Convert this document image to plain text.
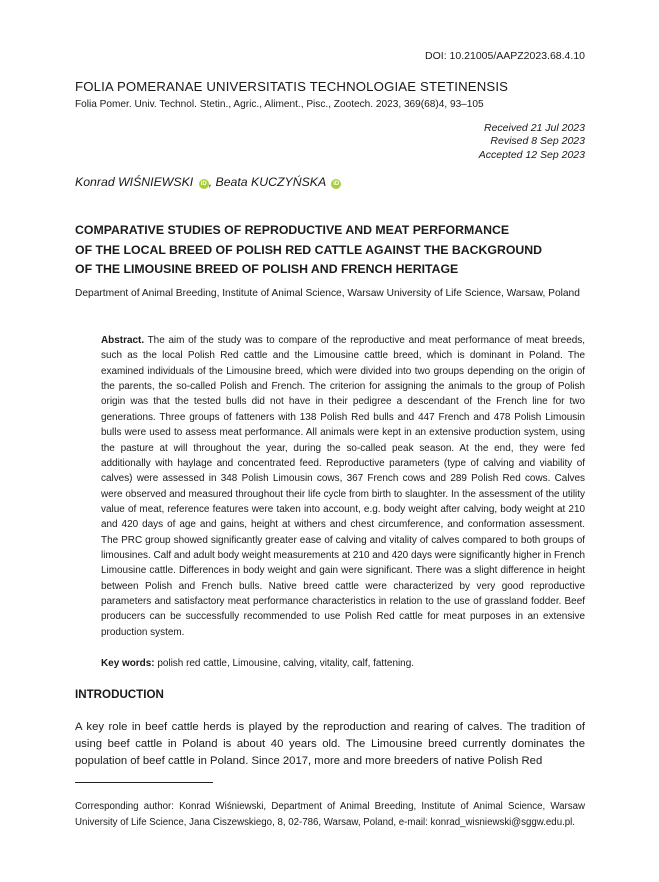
DOI: 10.21005/AAPZ2023.68.4.10
FOLIA POMERANAE UNIVERSITATIS TECHNOLOGIAE STETINENSIS
Folia Pomer. Univ. Technol. Stetin., Agric., Aliment., Pisc., Zootech. 2023, 369(68)4, 93–105
Received 21 Jul 2023
Revised 8 Sep 2023
Accepted 12 Sep 2023
Konrad WIŚNIEWSKI iD , Beata KUCZYŃSKA iD
COMPARATIVE STUDIES OF REPRODUCTIVE AND MEAT PERFORMANCE
OF THE LOCAL BREED OF POLISH RED CATTLE AGAINST THE BACKGROUND
OF THE LIMOUSINE BREED OF POLISH AND FRENCH HERITAGE
Department of Animal Breeding, Institute of Animal Science, Warsaw University of Life Science, Warsaw, Poland
Abstract. The aim of the study was to compare of the reproductive and meat performance of meat breeds, such as the local Polish Red cattle and the Limousine cattle breed, which is dominant in Poland. The examined individuals of the Limousine breed, which were divided into two groups depending on the origin of the parents, the so-called Polish and French. The criterion for assigning the animals to the group of Polish origin was that the tested bulls did not have in their pedigree a descendant of the French line for two generations. Three groups of fatteners with 138 Polish Red bulls and 447 French and 478 Polish Limousin bulls were used to assess meat performance. All animals were kept in an extensive production system, using the pasture at will throughout the year, during the so-called peak season. At the end, they were fed additionally with haylage and concentrated feed. Reproductive parameters (type of calving and viability of calves) were assessed in 348 Polish Limousin cows, 367 French cows and 289 Polish Red cows. Calves were observed and measured throughout their life cycle from birth to slaughter. In the assessment of the utility value of meat, reference features were taken into account, e.g. body weight after calving, body weight at 210 and 420 days of age and gains, height at withers and chest circumference, and conformation assessment. The PRC group showed significantly greater ease of calving and vitality of calves compared to both groups of limousines. Calf and adult body weight measurements at 210 and 420 days were significantly higher in French Limousine cattle. Differences in body weight and gain were significant. There was a slight difference in height between Polish and French bulls. Native breed cattle were characterized by very good reproductive parameters and satisfactory meat performance characteristics in relation to the use of grassland fodder. Beef producers can be successfully recommended to use Polish Red cattle for meat purposes in an extensive production system.
Key words: polish red cattle, Limousine, calving, vitality, calf, fattening.
INTRODUCTION
A key role in beef cattle herds is played by the reproduction and rearing of calves. The tradition of using beef cattle in Poland is about 40 years old. The Limousine breed currently dominates the population of beef cattle in Poland. Since 2017, more and more breeders of native Polish Red
Corresponding author: Konrad Wiśniewski, Department of Animal Breeding, Institute of Animal Science, Warsaw University of Life Science, Jana Ciszewskiego, 8, 02-786, Warsaw, Poland, e-mail: konrad_wisniewski@sggw.edu.pl.
